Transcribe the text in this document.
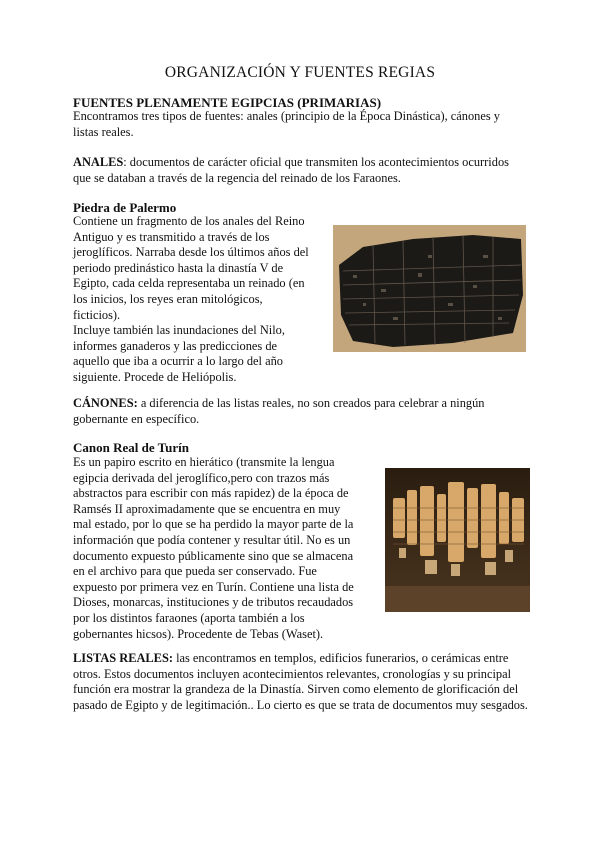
ORGANIZACIÓN Y FUENTES REGIAS
FUENTES PLENAMENTE EGIPCIAS (PRIMARIAS)
Encontramos tres tipos de fuentes: anales (principio de la Época Dinástica), cánones y listas reales.
ANALES: documentos de carácter oficial que transmiten los acontecimientos ocurridos que se databan a través de la regencia del reinado de los Faraones.
Piedra de Palermo
Contiene un fragmento de los anales del Reino
Antiguo y es transmitido a través de los
jeroglíficos. Narraba desde los últimos años del
periodo predinástico hasta la dinastía V de
Egipto, cada celda representaba un reinado (en
los inicios, los reyes eran mitológicos,
ficticios).
Incluye también las inundaciones del Nilo,
informes ganaderos y las predicciones de
aquello que iba a ocurrir a lo largo del año
siguiente. Procede de Heliópolis.
CÁNONES: a diferencia de las listas reales, no son creados para celebrar a ningún gobernante en específico.
Canon Real de Turín
Es un papiro escrito en hierático (transmite la lengua
egipcia derivada del jeroglífico,pero con trazos más
abstractos para escribir con más rapidez) de la época de
Ramsés II aproximadamente que se encuentra en muy
mal estado, por lo que se ha perdido la mayor parte de la
información que podía contener y resultar útil. No es un
documento expuesto públicamente sino que se almacena
en el archivo para que pueda ser conservado. Fue
expuesto por primera vez en Turín. Contiene una lista de
Dioses, monarcas, instituciones y de tributos recaudados
por los distintos faraones (aporta también a los
gobernantes hicsos). Procedente de Tebas (Waset).
LISTAS REALES: las encontramos en templos, edificios funerarios, o cerámicas entre otros. Estos documentos incluyen acontecimientos relevantes, cronologías y su principal función era mostrar la grandeza de la Dinastía. Sirven como elemento de glorificación del pasado de Egipto y de legitimación.. Lo cierto es que se trata de documentos muy sesgados.
